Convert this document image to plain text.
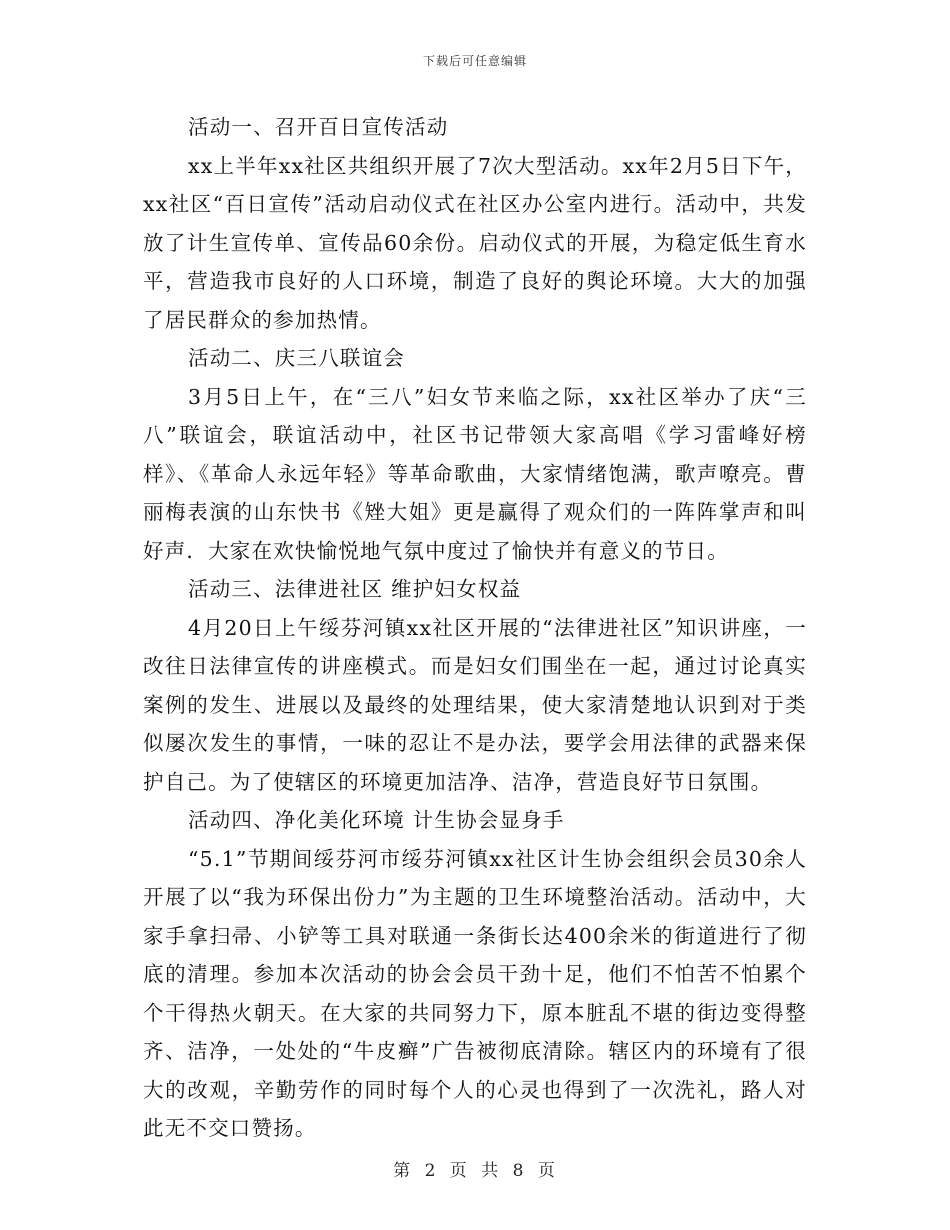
下载后可任意编辑

活动一、召开百日宣传活动

xx上半年xx社区共组织开展了7次大型活动。xx年2月5日下午，xx社区“百日宣传”活动启动仪式在社区办公室内进行。活动中，共发放了计生宣传单、宣传品60余份。启动仪式的开展，为稳定低生育水平，营造我市良好的人口环境，制造了良好的舆论环境。大大的加强了居民群众的参加热情。

活动二、庆三八联谊会

3月5日上午，在“三八”妇女节来临之际，xx社区举办了庆“三八”联谊会，联谊活动中，社区书记带领大家高唱《学习雷峰好榜样》、《革命人永远年轻》等革命歌曲，大家情绪饱满，歌声嘹亮。曹丽梅表演的山东快书《矬大姐》更是赢得了观众们的一阵阵掌声和叫好声．大家在欢快愉悦地气氛中度过了愉快并有意义的节日。

活动三、法律进社区 维护妇女权益

4月20日上午绥芬河镇xx社区开展的“法律进社区”知识讲座，一改往日法律宣传的讲座模式。而是妇女们围坐在一起，通过讨论真实案例的发生、进展以及最终的处理结果，使大家清楚地认识到对于类似屡次发生的事情，一味的忍让不是办法，要学会用法律的武器来保护自己。为了使辖区的环境更加洁净、洁净，营造良好节日氛围。

活动四、净化美化环境 计生协会显身手

“5.1”节期间绥芬河市绥芬河镇xx社区计生协会组织会员30余人开展了以“我为环保出份力”为主题的卫生环境整治活动。活动中，大家手拿扫帚、小铲等工具对联通一条街长达400余米的街道进行了彻底的清理。参加本次活动的协会会员干劲十足，他们不怕苦不怕累个个干得热火朝天。在大家的共同努力下，原本脏乱不堪的街边变得整齐、洁净，一处处的“牛皮癣”广告被彻底清除。辖区内的环境有了很大的改观，辛勤劳作的同时每个人的心灵也得到了一次洗礼，路人对此无不交口赞扬。

第 2 页 共 8 页
